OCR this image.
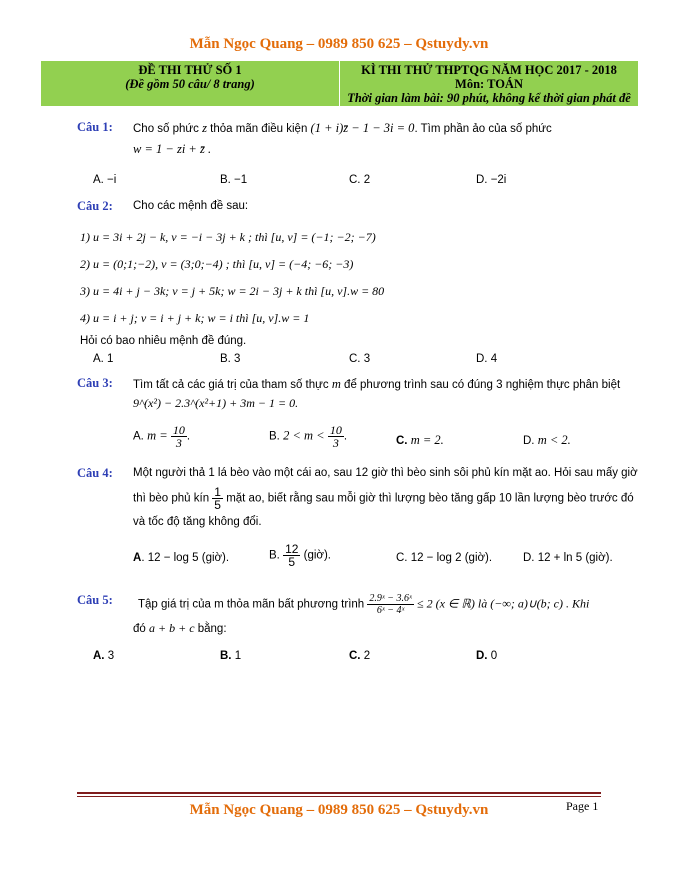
Mẫn Ngọc Quang – 0989 850 625 – Qstuydy.vn
ĐỀ THI THỬ SỐ 1
(Đề gồm 50 câu/ 8 trang)
KÌ THI THỬ THPTQG NĂM HỌC 2017 - 2018
Môn: TOÁN
Thời gian làm bài: 90 phút, không kể thời gian phát đề
Câu 1: Cho số phức z thỏa mãn điều kiện (1 + i)z̄ − 1 − 3i = 0. Tìm phần ảo của số phức
w = 1 − zi + z̄ .
A. −i	B. −1	C. 2	D. −2i
Câu 2: Cho các mệnh đề sau:
1) u = 3i + 2j − k, v = −i − 3j + k ; thì [u, v] = (−1; −2; −7)
2) u = (0;1;−2), v = (3;0;−4) ; thì [u, v] = (−4; −6; −3)
3) u = 4i + j − 3k; v = j + 5k; w = 2i − 3j + k thì [u, v].w = 80
4) u = i + j; v = i + j + k; w = i thì [u, v].w = 1
Hỏi có bao nhiêu mệnh đề đúng.
A. 1	B. 3	C. 3	D. 4
Câu 3: Tìm tất cả các giá trị của tham số thực m để phương trình sau có đúng 3 nghiệm thực phân biệt
9^(x²) − 2.3^(x²+1) + 3m − 1 = 0.
A. $m = \frac{10}{3}$ .	B. $2 < m < \frac{10}{3}$ .	C. m = 2.	D. m < 2.
Câu 4: Một người thả 1 lá bèo vào một cái ao, sau 12 giờ thì bèo sinh sôi phủ kín mặt ao. Hỏi sau mấy giờ
thì bèo phủ kín $\frac{1}{5}$ mặt ao, biết rằng sau mỗi giờ thì lượng bèo tăng gấp 10 lần lượng bèo trước đó
và tốc độ tăng không đổi.
A. 12 − log 5 (giờ).	B. $\frac{12}{5}$ (giờ).	C. 12 − log 2 (giờ).	D. 12 + ln 5 (giờ).
Câu 5: Tập giá trị của m thỏa mãn bất phương trình $\frac{\text{2.9ˣ − 3.6ˣ}}{\text{6ˣ − 4ˣ}} \le 2$ (x ∈ ℝ) là (−∞; a)∪(b; c) . Khi
đó a + b + c bằng:
A. 3	B. 1	C. 2	D. 0
Mẫn Ngọc Quang – 0989 850 625 – Qstuydy.vn	Page 1
